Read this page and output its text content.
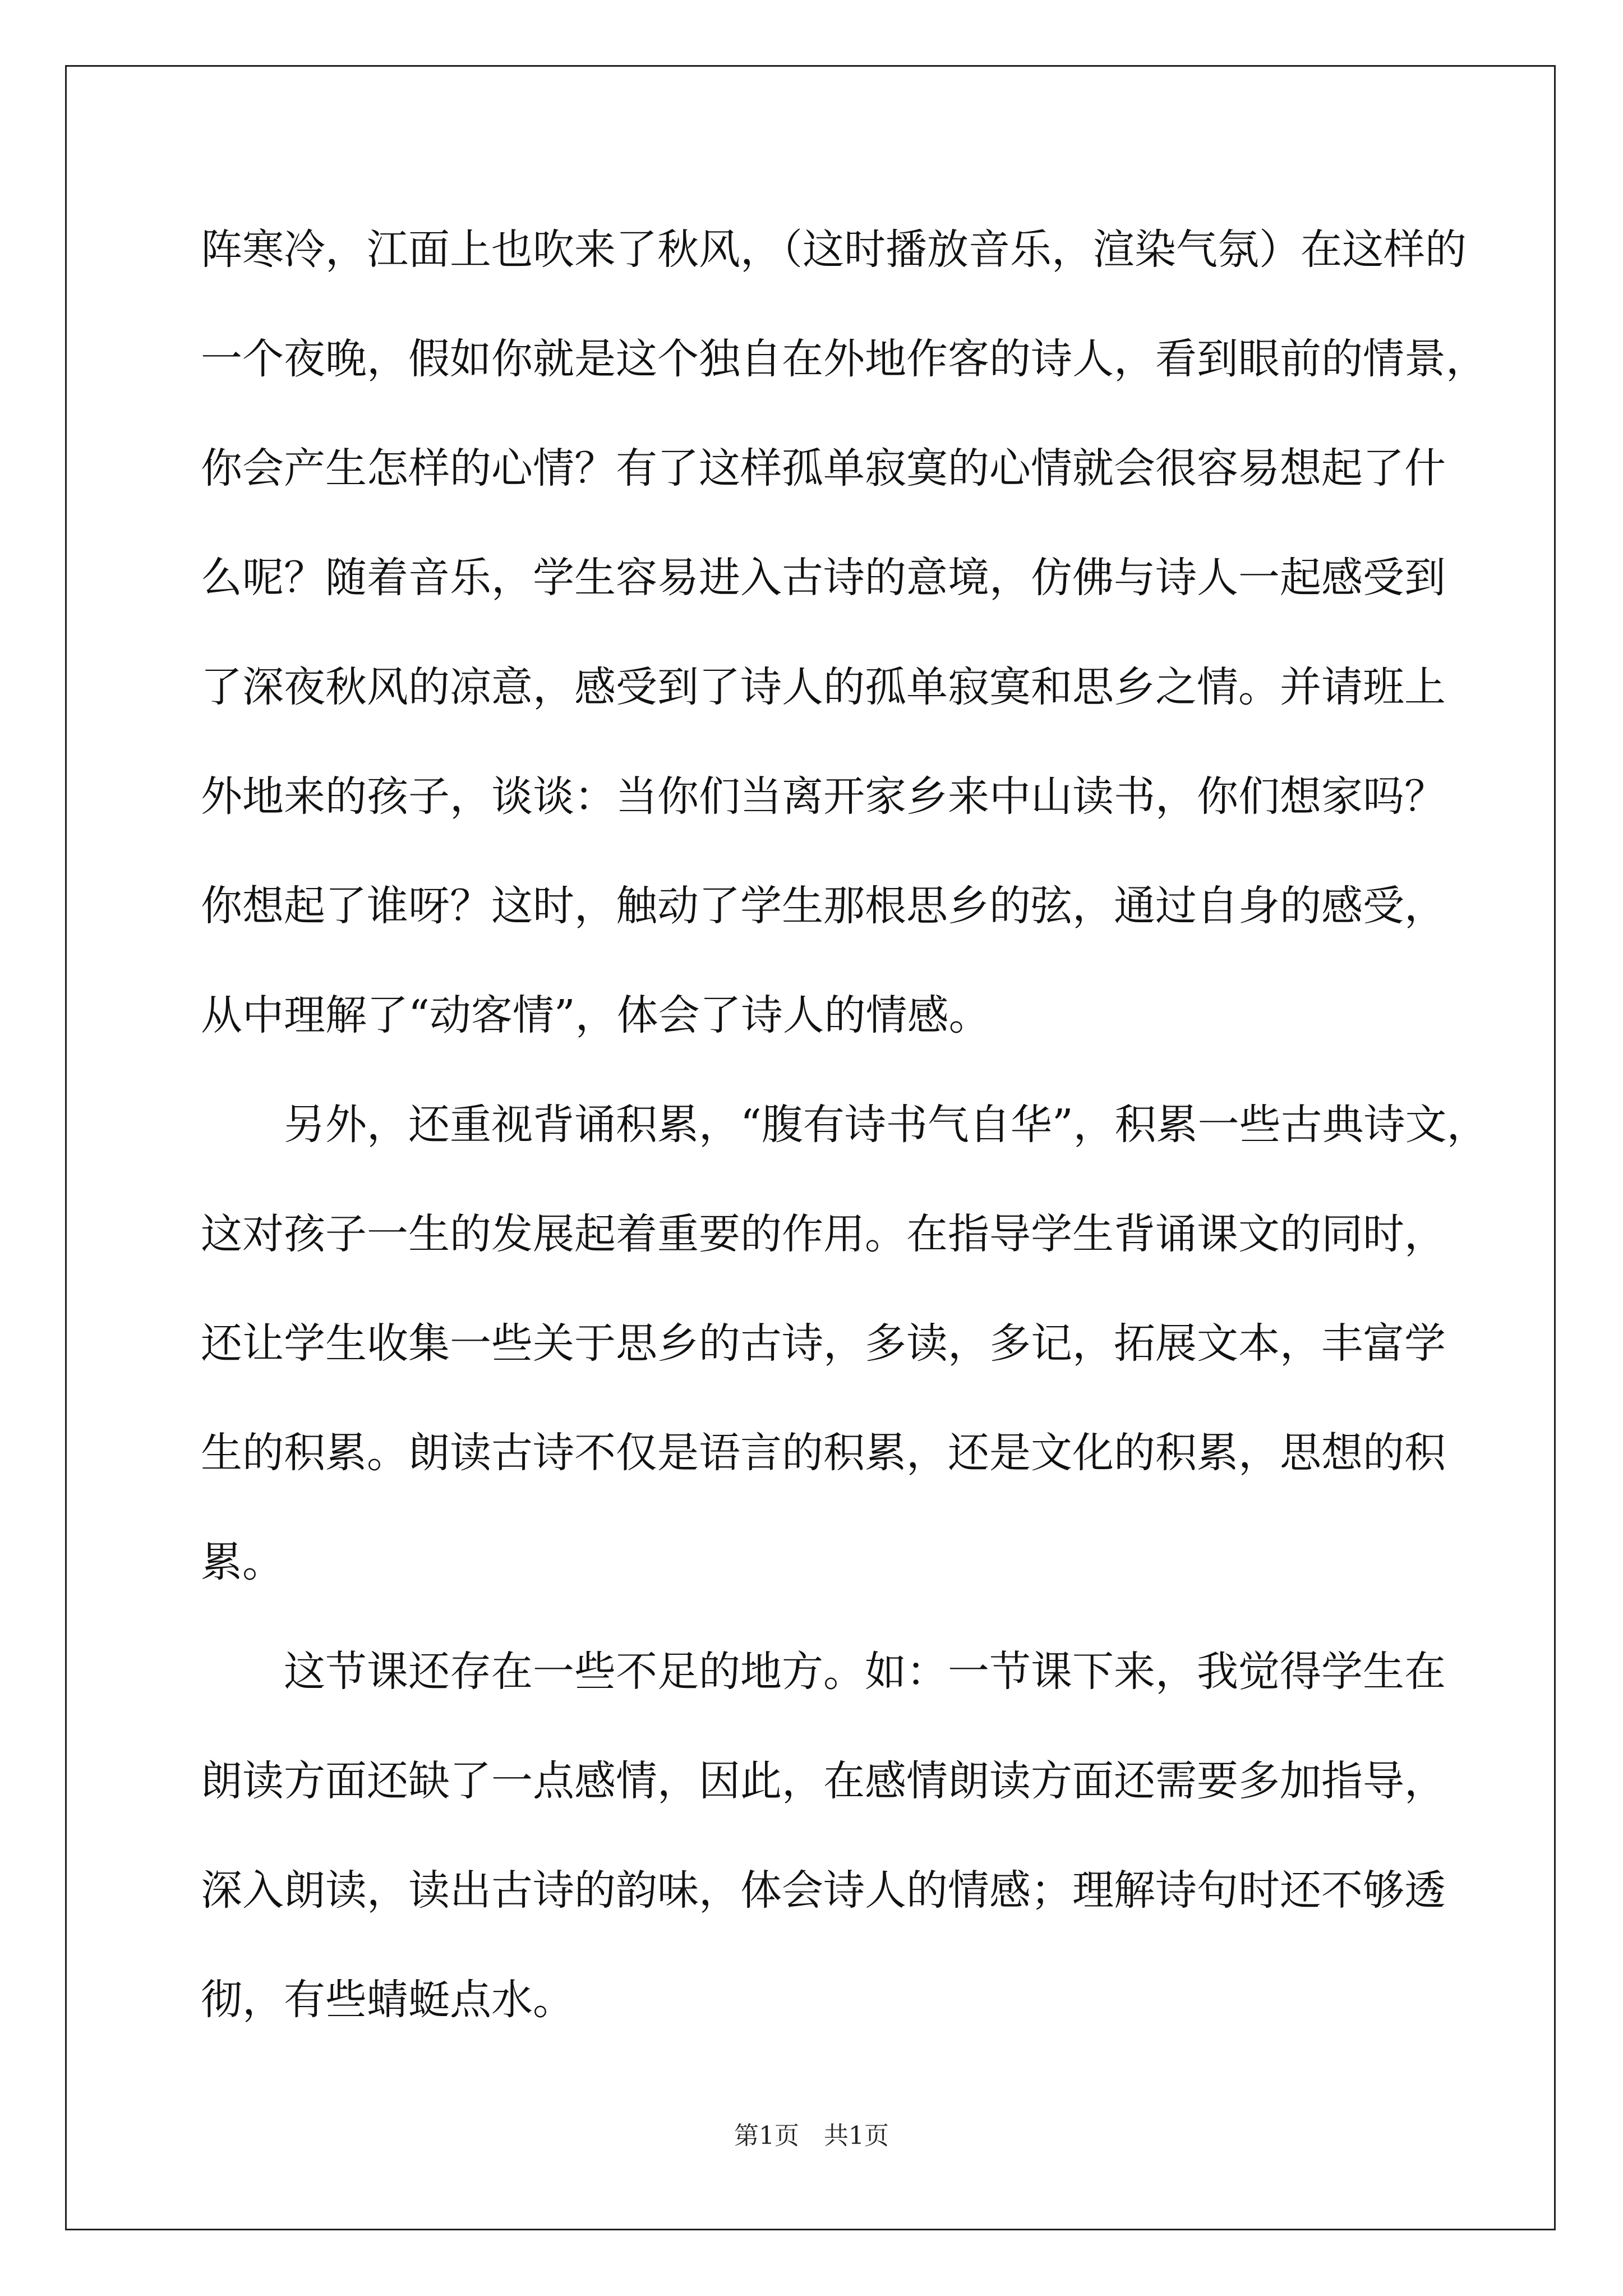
阵寒冷，江面上也吹来了秋风，（这时播放音乐，渲染气氛）在这样的
一个夜晚，假如你就是这个独自在外地作客的诗人，看到眼前的情景，
你会产生怎样的心情？有了这样孤单寂寞的心情就会很容易想起了什
么呢？随着音乐，学生容易进入古诗的意境，仿佛与诗人一起感受到
了深夜秋风的凉意，感受到了诗人的孤单寂寞和思乡之情。并请班上
外地来的孩子，谈谈：当你们当离开家乡来中山读书，你们想家吗？
你想起了谁呀？这时，触动了学生那根思乡的弦，通过自身的感受，
从中理解了“动客情”，体会了诗人的情感。
另外，还重视背诵积累，“腹有诗书气自华”，积累一些古典诗文，
这对孩子一生的发展起着重要的作用。在指导学生背诵课文的同时，
还让学生收集一些关于思乡的古诗，多读，多记，拓展文本，丰富学
生的积累。朗读古诗不仅是语言的积累，还是文化的积累，思想的积
累。
这节课还存在一些不足的地方。如：一节课下来，我觉得学生在
朗读方面还缺了一点感情，因此，在感情朗读方面还需要多加指导，
深入朗读，读出古诗的韵味，体会诗人的情感；理解诗句时还不够透
彻，有些蜻蜓点水。
第1页　共1页
